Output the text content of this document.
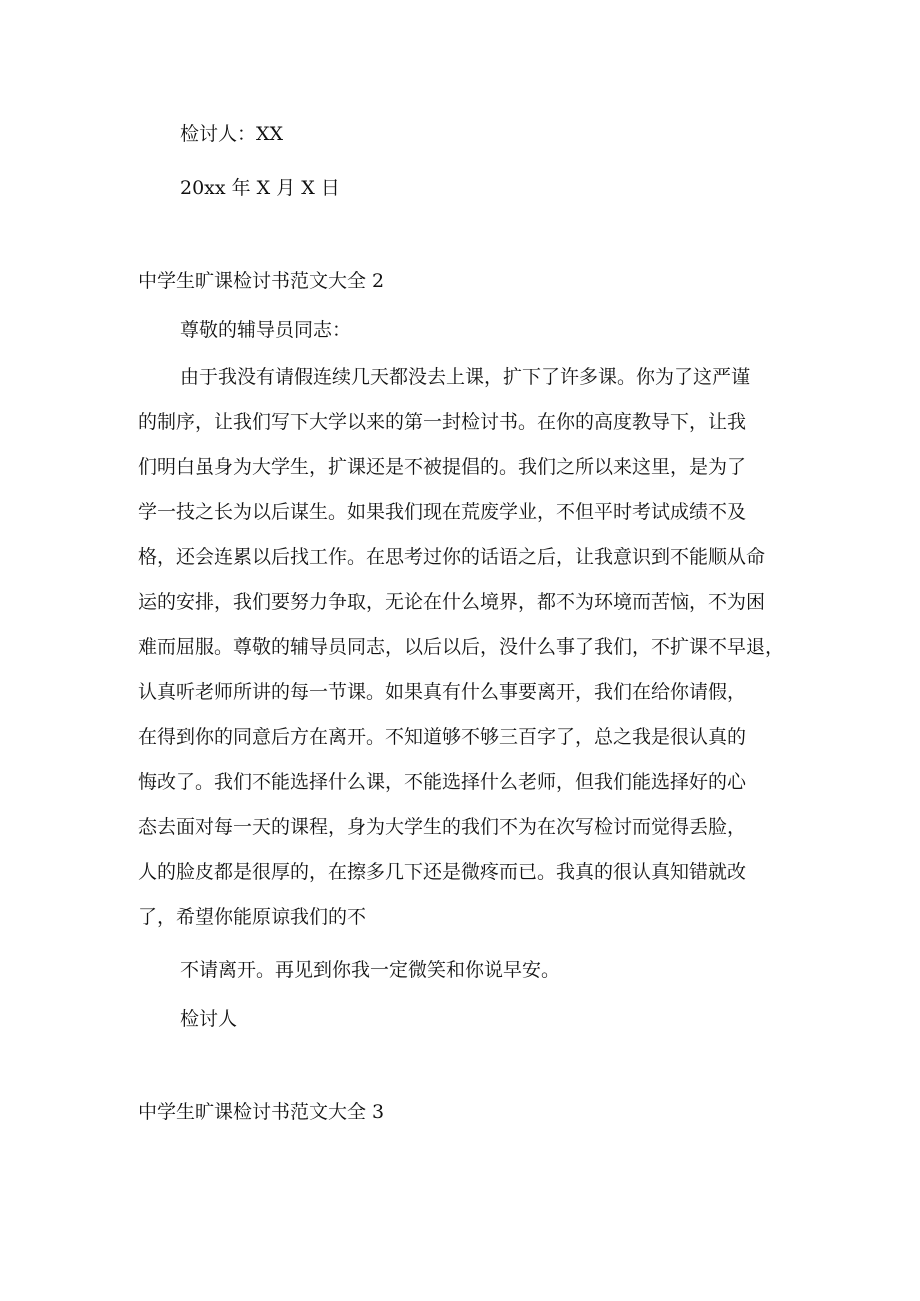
检讨人：XX
20xx 年 X 月 X 日
中学生旷课检讨书范文大全 2
尊敬的辅导员同志：
由于我没有请假连续几天都没去上课，扩下了许多课。你为了这严谨
的制序，让我们写下大学以来的第一封检讨书。在你的高度教导下，让我
们明白虽身为大学生，扩课还是不被提倡的。我们之所以来这里，是为了
学一技之长为以后谋生。如果我们现在荒废学业，不但平时考试成绩不及
格，还会连累以后找工作。在思考过你的话语之后，让我意识到不能顺从命
运的安排，我们要努力争取，无论在什么境界，都不为环境而苦恼，不为困
难而屈服。尊敬的辅导员同志，以后以后，没什么事了我们，不扩课不早退，
认真听老师所讲的每一节课。如果真有什么事要离开，我们在给你请假，
在得到你的同意后方在离开。不知道够不够三百字了，总之我是很认真的
悔改了。我们不能选择什么课，不能选择什么老师，但我们能选择好的心
态去面对每一天的课程，身为大学生的我们不为在次写检讨而觉得丢脸，
人的脸皮都是很厚的，在擦多几下还是微疼而已。我真的很认真知错就改
了，希望你能原谅我们的不
不请离开。再见到你我一定微笑和你说早安。
检讨人
中学生旷课检讨书范文大全 3
